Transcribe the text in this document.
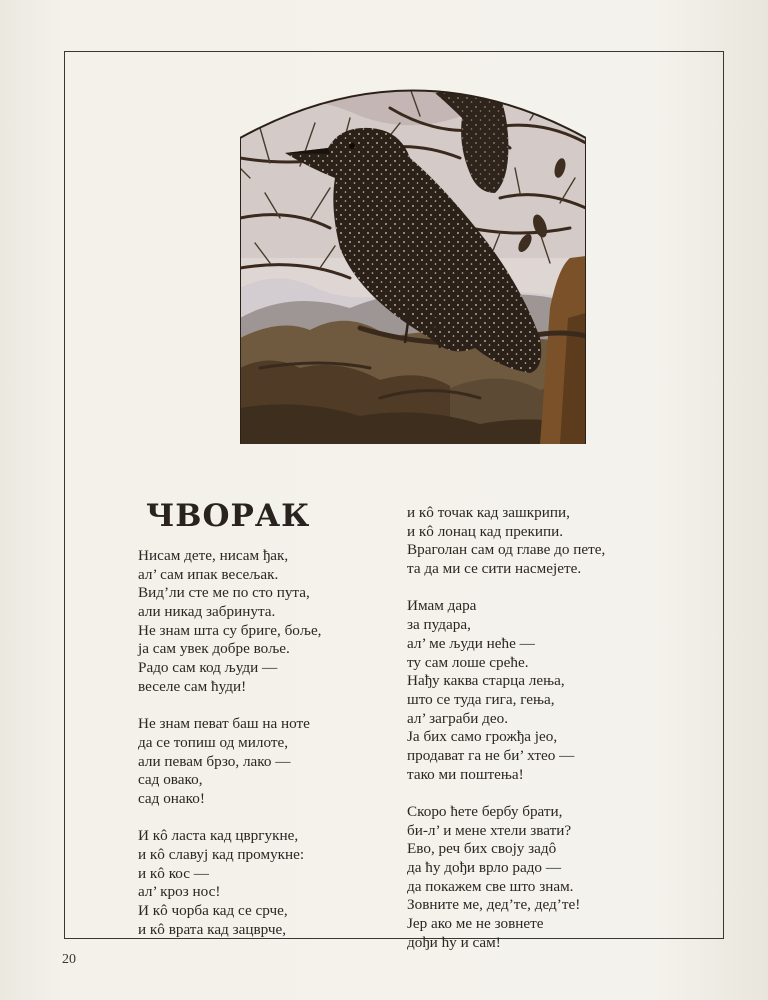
ЧВОРАК
Нисам дете, нисам ђак,
ал’ сам ипак весељак.
Вид’ли сте ме по сто пута,
али никад забринута.
Не знам шта су бриге, боље,
ја сам увек добре воље.
Радо сам код људи —
веселе сам ћуди!
Не знам певат баш на ноте
да се топиш од милоте,
али певам брзо, лако —
сад овако,
сад онако!
И кô ласта кад цвргукне,
и кô славуј кад промукне:
и кô кос —
ал’ кроз нос!
И кô чорба кад се срче,
и кô врата кад зацврче,
и кô точак кад зашкрипи,
и кô лонац кад прекипи.
Враголан сам од главе до пете,
та да ми се сити насмејете.
Имам дара
за пудара,
ал’ ме људи неће —
ту сам лоше среће.
Нађу каква старца лења,
што се туда гига, гења,
ал’ заграби део.
Ја бих само грожђа јео,
продават га не би’ хтео —
тако ми поштења!
Скоро ћете бербу брати,
би-л’ и мене хтели звати?
Ево, реч бих своју задô
да ћу дођи врло радо —
да покажем све што знам.
Зовните ме, дед’те, дед’те!
Јер ако ме не зовнете
дођи ћу и сам!
20
